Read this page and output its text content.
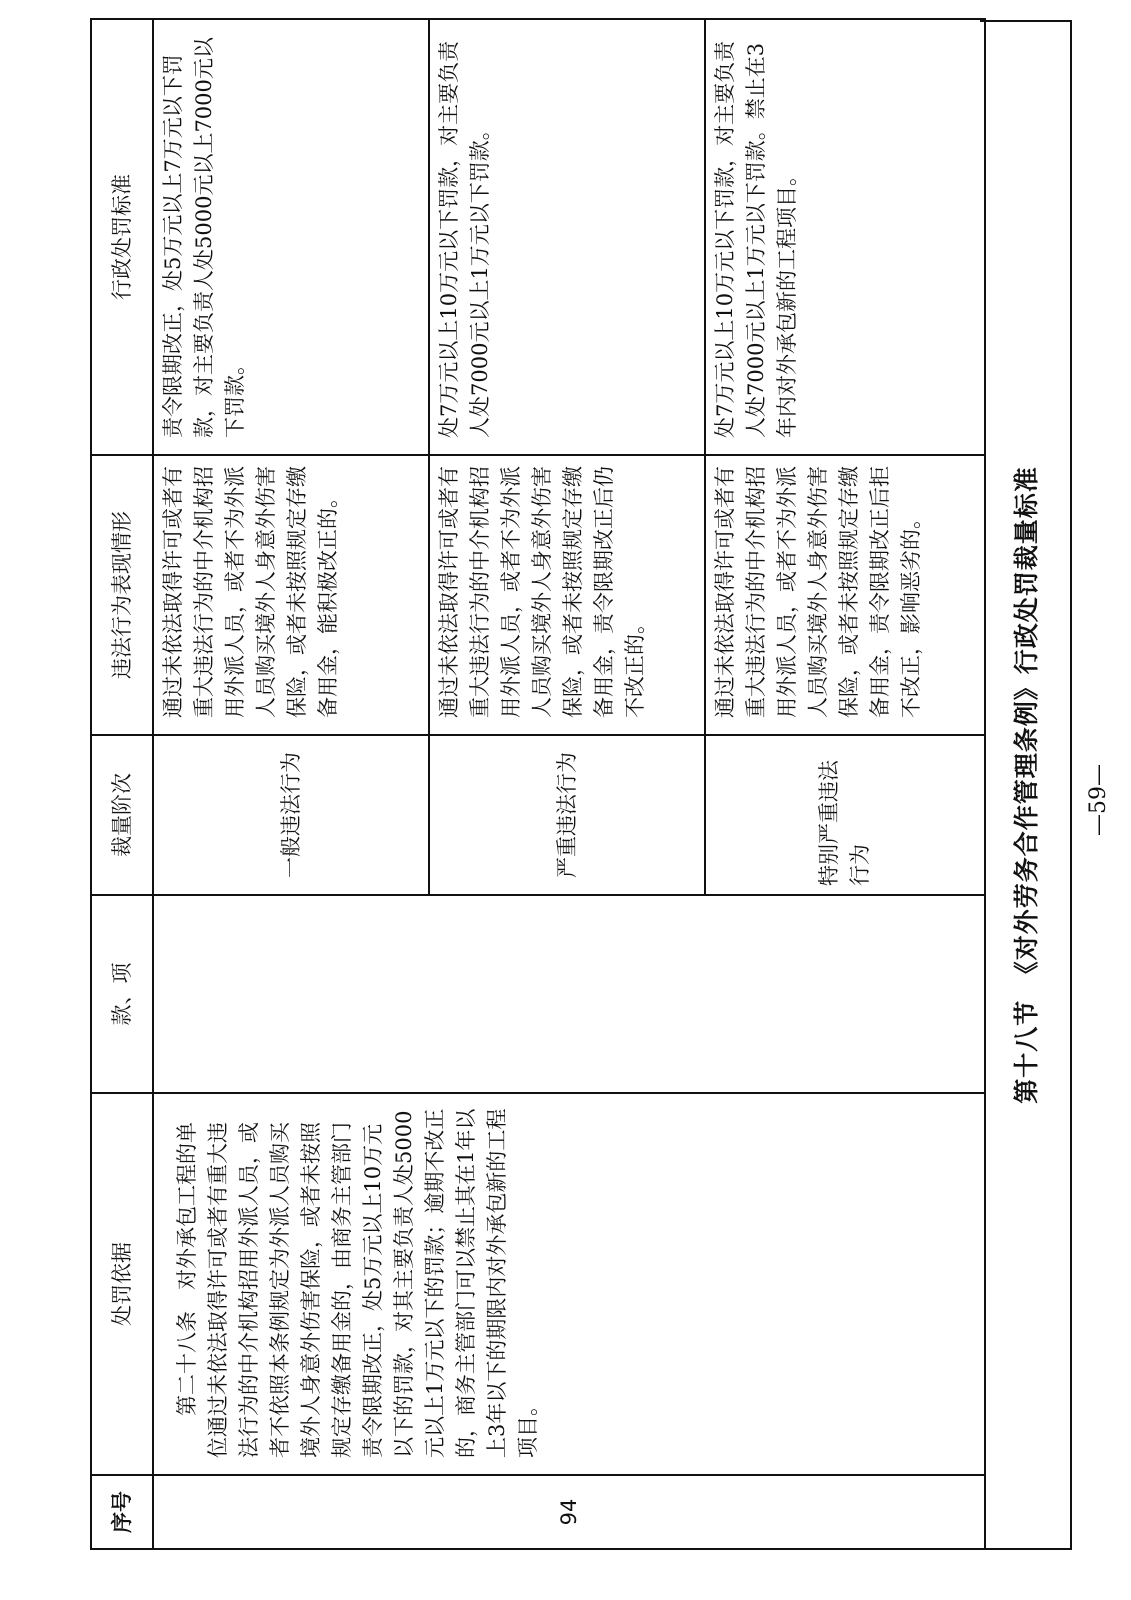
序号	处罚依据	款、项	裁量阶次	违法行为表现情形	行政处罚标准
94	第二十八条　对外承包工程的单位通过未依法取得许可或者有重大违法行为的中介机构招用外派人员，或者不依照本条例规定为外派人员购买境外人身意外伤害保险，或者未按照规定存缴备用金的，由商务主管部门责令限期改正，处5万元以上10万元以下的罚款，对其主要负责人处5000元以上1万元以下的罚款；逾期不改正的，商务主管部门可以禁止其在1年以上3年以下的期限内对外承包新的工程项目。		一般违法行为	通过未依法取得许可或者有重大违法行为的中介机构招用外派人员，或者不为外派人员购买境外人身意外伤害保险，或者未按照规定存缴备用金，能积极改正的。	责令限期改正，处5万元以上7万元以下罚款，对主要负责人处5000元以上7000元以下罚款。
			严重违法行为	通过未依法取得许可或者有重大违法行为的中介机构招用外派人员，或者不为外派人员购买境外人身意外伤害保险，或者未按照规定存缴备用金，责令限期改正后仍不改正的。	处7万元以上10万元以下罚款，对主要负责人处7000元以上1万元以下罚款。
			特别严重违法行为	通过未依法取得许可或者有重大违法行为的中介机构招用外派人员，或者不为外派人员购买境外人身意外伤害保险，或者未按照规定存缴备用金，责令限期改正后拒不改正，影响恶劣的。	处7万元以上10万元以下罚款，对主要负责人处7000元以上1万元以下罚款。禁止在3年内对外承包新的工程项目。
第十八节　《对外劳务合作管理条例》行政处罚裁量标准	—59—
